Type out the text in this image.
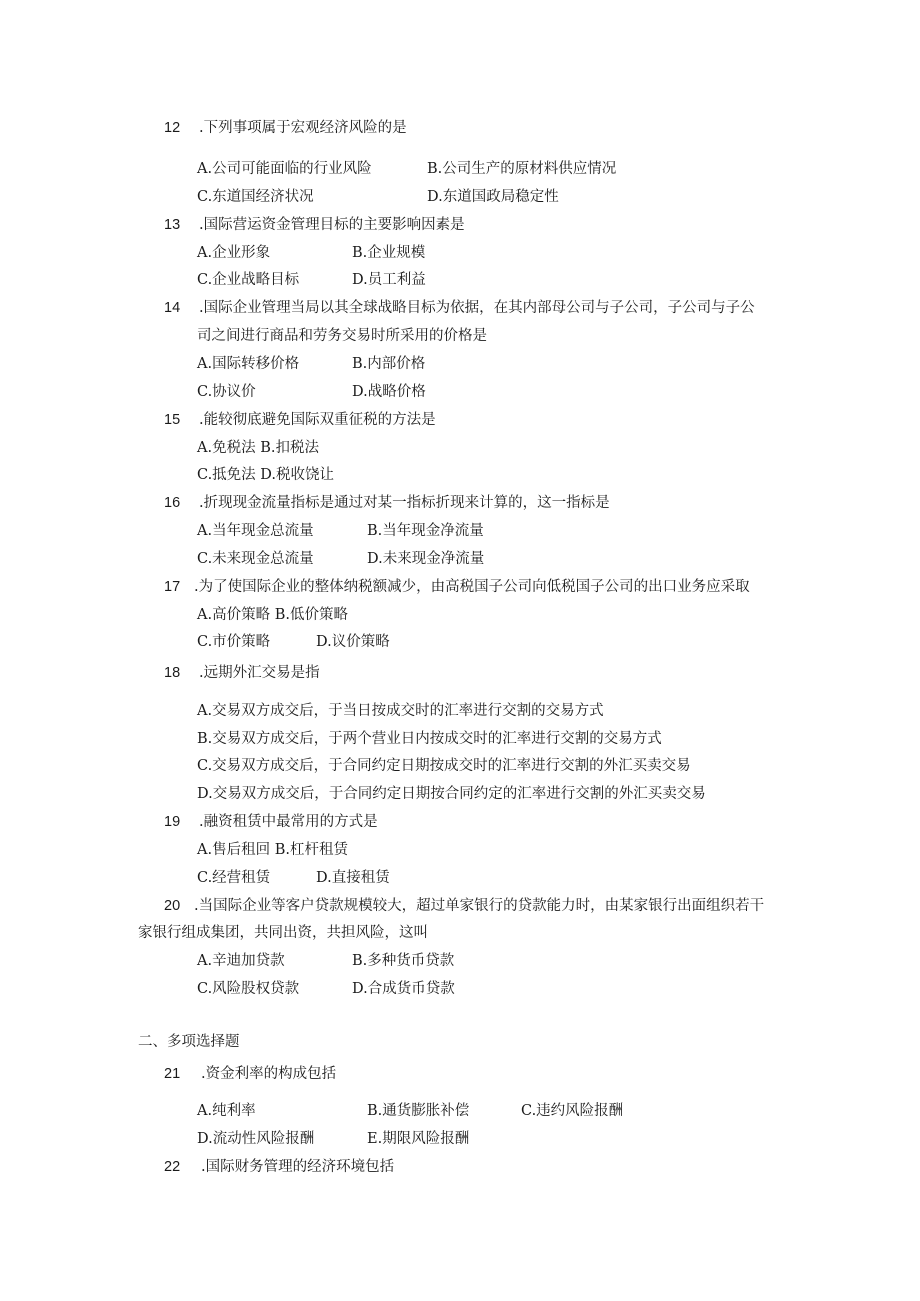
12 .下列事项属于宏观经济风险的是
A.公司可能面临的行业风险	B.公司生产的原材料供应情况
C.东道国经济状况	D.东道国政局稳定性
13 .国际营运资金管理目标的主要影响因素是
A.企业形象	B.企业规模
C.企业战略目标	D.员工利益
14 .国际企业管理当局以其全球战略目标为依据，在其内部母公司与子公司，子公司与子公
司之间进行商品和劳务交易时所采用的价格是
A.国际转移价格	B.内部价格
C.协议价	D.战略价格
15 .能较彻底避免国际双重征税的方法是
A.免税法 B.扣税法
C.抵免法 D.税收饶让
16 .折现现金流量指标是通过对某一指标折现来计算的，这一指标是
A.当年现金总流量	B.当年现金净流量
C.未来现金总流量	D.未来现金净流量
17 .为了使国际企业的整体纳税额减少，由高税国子公司向低税国子公司的出口业务应采取
A.高价策略 B.低价策略
C.市价策略	D.议价策略
18 .远期外汇交易是指
A.交易双方成交后，于当日按成交时的汇率进行交割的交易方式
B.交易双方成交后，于两个营业日内按成交时的汇率进行交割的交易方式
C.交易双方成交后，于合同约定日期按成交时的汇率进行交割的外汇买卖交易
D.交易双方成交后，于合同约定日期按合同约定的汇率进行交割的外汇买卖交易
19 .融资租赁中最常用的方式是
A.售后租回 B.杠杆租赁
C.经营租赁	D.直接租赁
20 .当国际企业等客户贷款规模较大，超过单家银行的贷款能力时，由某家银行出面组织若干
家银行组成集团，共同出资，共担风险，这叫
A.辛迪加贷款	B.多种货币贷款
C.风险股权贷款	D.合成货币贷款
二、多项选择题
21 .资金利率的构成包括
A.纯利率	B.通货膨胀补偿	C.违约风险报酬
D.流动性风险报酬	E.期限风险报酬
22 .国际财务管理的经济环境包括
